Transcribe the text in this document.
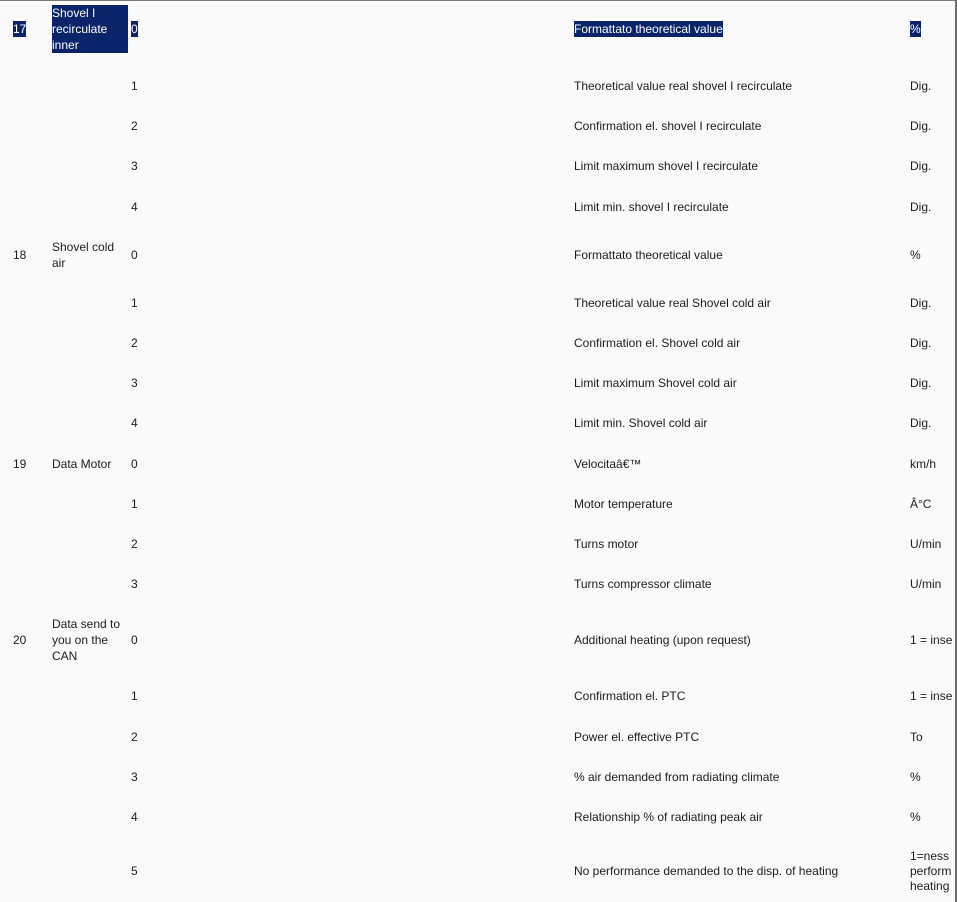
17
Shovel I recirculate inner
0	Formattato theoretical value	%
1	Theoretical value real shovel I recirculate	Dig.
2	Confirmation el. shovel I recirculate	Dig.
3	Limit maximum shovel I recirculate	Dig.
4	Limit min. shovel I recirculate	Dig.
18
Shovel cold air
0	Formattato theoretical value	%
1	Theoretical value real Shovel cold air	Dig.
2	Confirmation el. Shovel cold air	Dig.
3	Limit maximum Shovel cold air	Dig.
4	Limit min. Shovel cold air	Dig.
19	Data Motor	0	Velocitaâ€™	km/h
1	Motor temperature	Â°C
2	Turns motor	U/min
3	Turns compressor climate	U/min
20
Data send to you on the CAN
0	Additional heating (upon request)	1 = inse
1	Confirmation el. PTC	1 = inse
2	Power el. effective PTC	To
3	% air demanded from radiating climate	%
4	Relationship % of radiating peak air	%
5	No performance demanded to the disp. of heating
1=ness
perform
heating
